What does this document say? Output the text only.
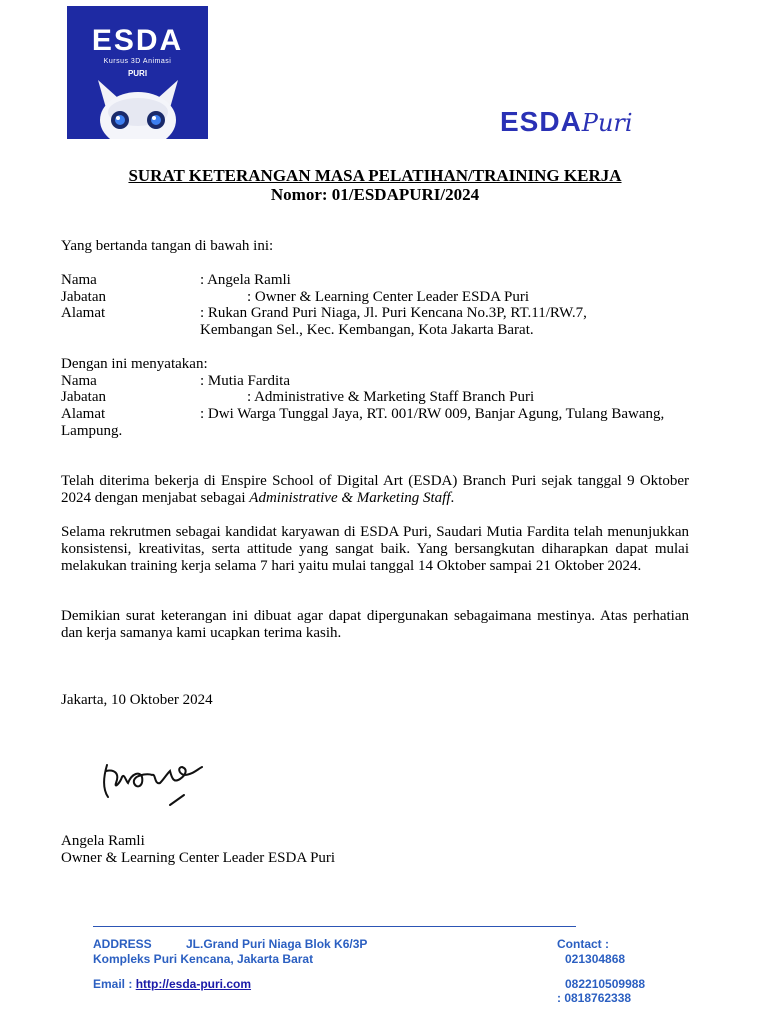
ESDA
Kursus 3D Animasi
PURI
ESDAPuri
SURAT KETERANGAN MASA PELATIHAN/TRAINING KERJA
Nomor: 01/ESDAPURI/2024
Yang bertanda tangan di bawah ini:
Nama	: Angela Ramli
Jabatan	: Owner & Learning Center Leader ESDA Puri
Alamat	: Rukan Grand Puri Niaga, Jl. Puri Kencana No.3P, RT.11/RW.7,
Kembangan Sel., Kec. Kembangan, Kota Jakarta Barat.
Dengan ini menyatakan:
Nama	: Mutia Fardita
Jabatan	: Administrative & Marketing Staff Branch Puri
Alamat	: Dwi Warga Tunggal Jaya, RT. 001/RW 009, Banjar Agung, Tulang Bawang,
Lampung.
Telah diterima bekerja di Enspire School of Digital Art (ESDA) Branch Puri sejak tanggal 9 Oktober 2024 dengan menjabat sebagai Administrative & Marketing Staff.
Selama rekrutmen sebagai kandidat karyawan di ESDA Puri, Saudari Mutia Fardita telah menunjukkan konsistensi, kreativitas, serta attitude yang sangat baik. Yang bersangkutan diharapkan dapat mulai melakukan training kerja selama 7 hari yaitu mulai tanggal 14 Oktober sampai 21 Oktober 2024.
Demikian surat keterangan ini dibuat agar dapat dipergunakan sebagaimana mestinya. Atas perhatian dan kerja samanya kami ucapkan terima kasih.
Jakarta, 10 Oktober 2024
Angela Ramli
Owner & Learning Center Leader ESDA Puri
ADDRESS	JL.Grand Puri Niaga Blok K6/3P
Kompleks Puri Kencana, Jakarta Barat
Email : http://esda-puri.com
Contact :
021304868
082210509988
: 0818762338
